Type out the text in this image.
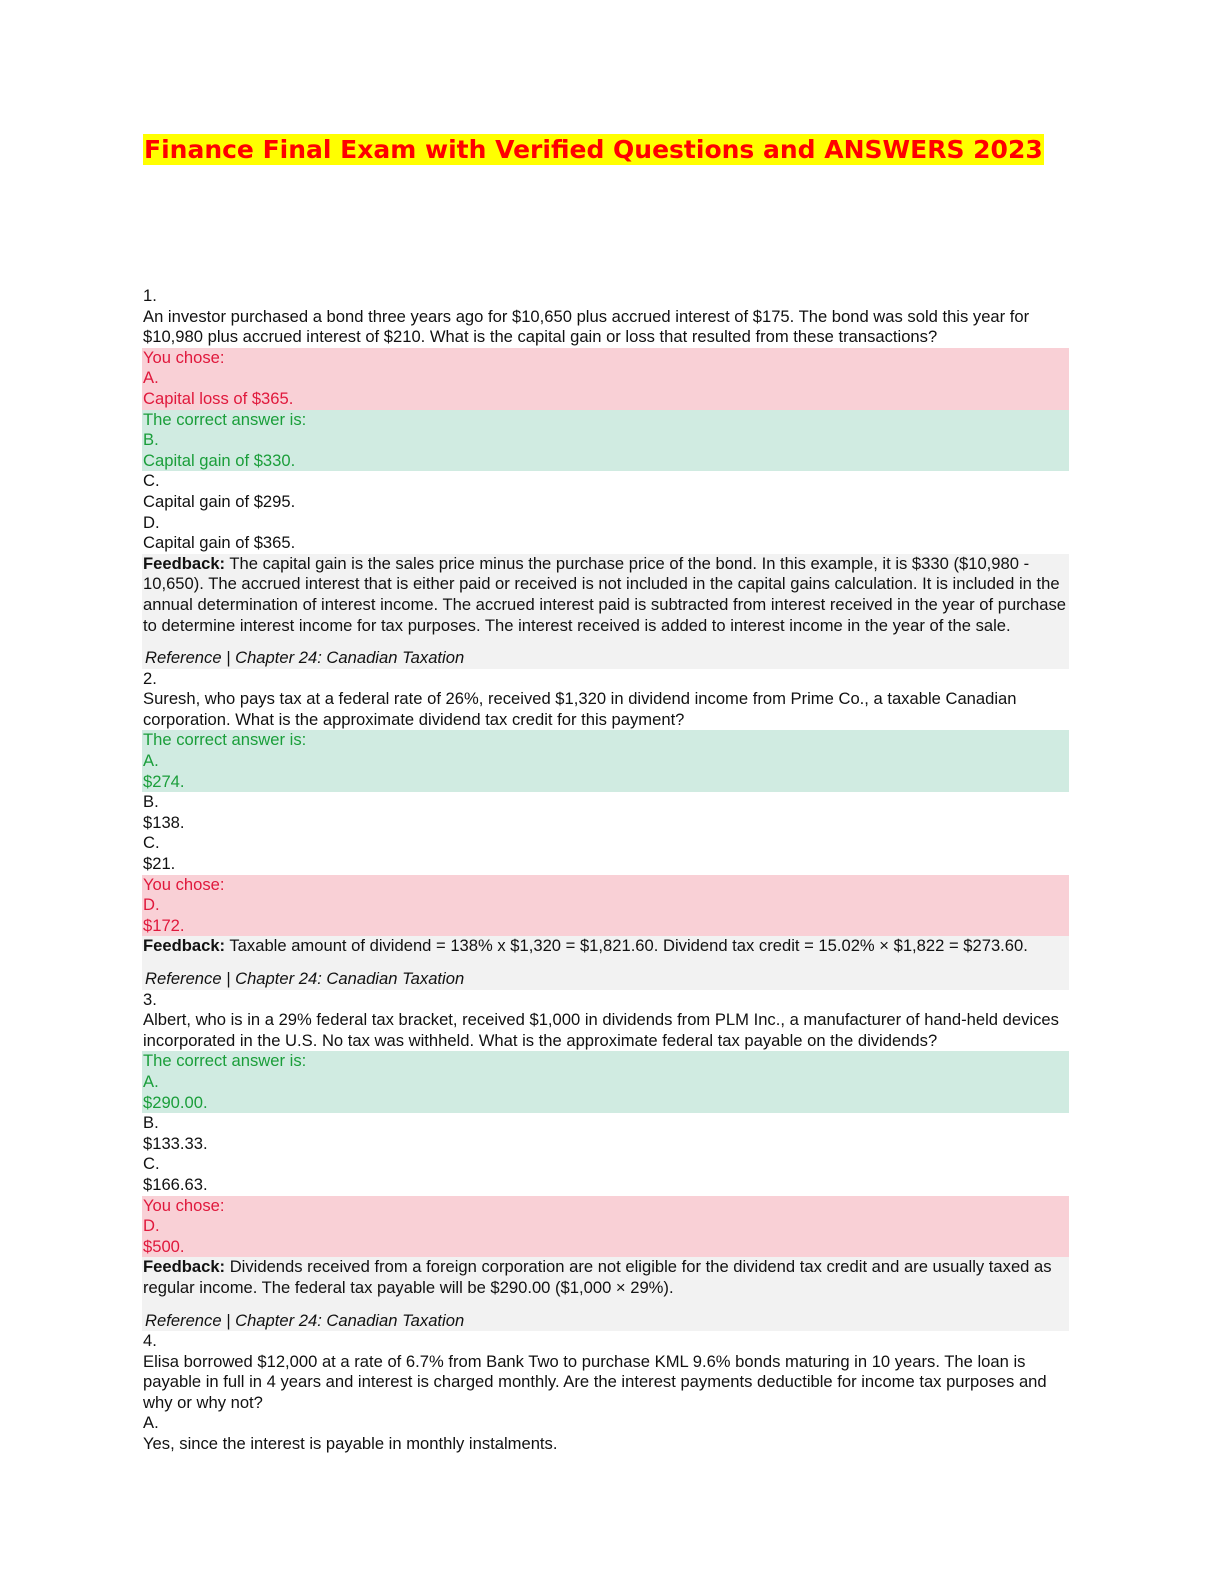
Finance Final Exam with Verified Questions and ANSWERS 2023
1.
An investor purchased a bond three years ago for $10,650 plus accrued interest of $175. The bond was sold this year for $10,980 plus accrued interest of $210. What is the capital gain or loss that resulted from these transactions?
You chose:
A.
Capital loss of $365.
The correct answer is:
B.
Capital gain of $330.
C.
Capital gain of $295.
D.
Capital gain of $365.
Feedback: The capital gain is the sales price minus the purchase price of the bond. In this example, it is $330 ($10,980 - 10,650). The accrued interest that is either paid or received is not included in the capital gains calculation. It is included in the annual determination of interest income. The accrued interest paid is subtracted from interest received in the year of purchase to determine interest income for tax purposes. The interest received is added to interest income in the year of the sale.
Reference | Chapter 24: Canadian Taxation
2.
Suresh, who pays tax at a federal rate of 26%, received $1,320 in dividend income from Prime Co., a taxable Canadian corporation. What is the approximate dividend tax credit for this payment?
The correct answer is:
A.
$274.
B.
$138.
C.
$21.
You chose:
D.
$172.
Feedback: Taxable amount of dividend = 138% x $1,320 = $1,821.60. Dividend tax credit = 15.02% × $1,822 = $273.60.
Reference | Chapter 24: Canadian Taxation
3.
Albert, who is in a 29% federal tax bracket, received $1,000 in dividends from PLM Inc., a manufacturer of hand-held devices incorporated in the U.S. No tax was withheld. What is the approximate federal tax payable on the dividends?
The correct answer is:
A.
$290.00.
B.
$133.33.
C.
$166.63.
You chose:
D.
$500.
Feedback: Dividends received from a foreign corporation are not eligible for the dividend tax credit and are usually taxed as regular income. The federal tax payable will be $290.00 ($1,000 × 29%).
Reference | Chapter 24: Canadian Taxation
4.
Elisa borrowed $12,000 at a rate of 6.7% from Bank Two to purchase KML 9.6% bonds maturing in 10 years. The loan is payable in full in 4 years and interest is charged monthly. Are the interest payments deductible for income tax purposes and why or why not?
A.
Yes, since the interest is payable in monthly instalments.
